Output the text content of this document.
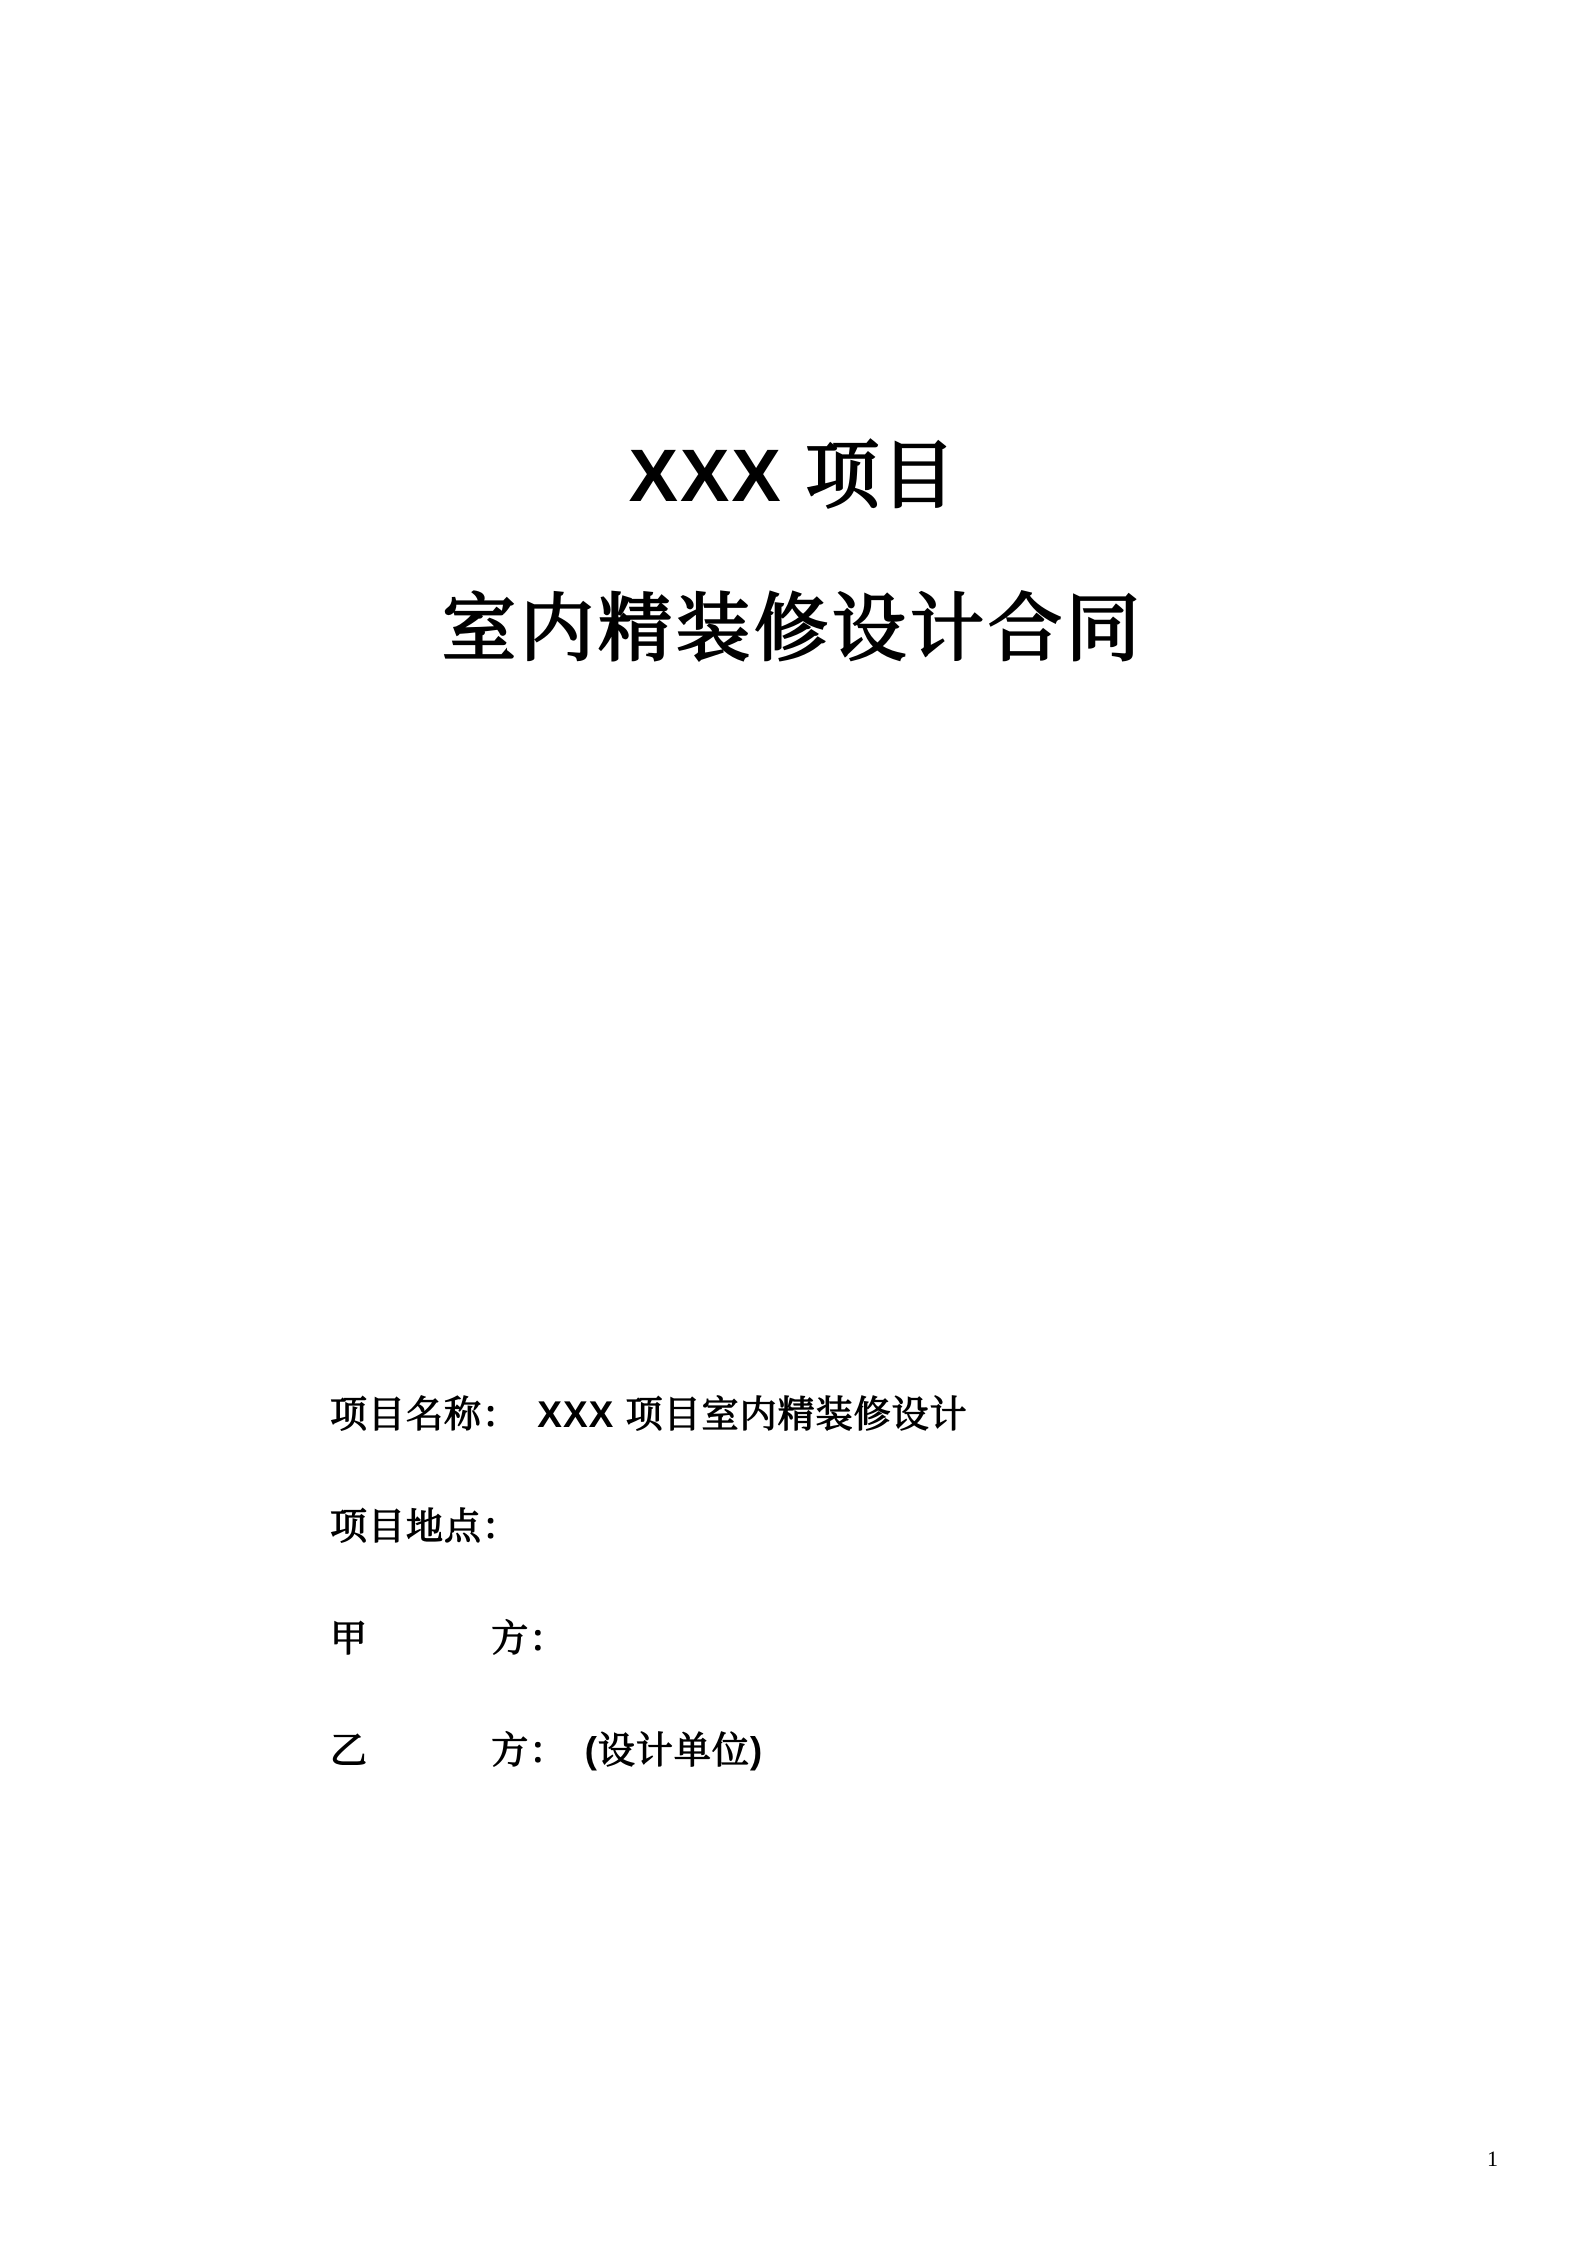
XXX 项目
室内精装修设计合同
项目名称： XXX 项目室内精装修设计
项目地点：
甲	方：
乙	方： (设计单位)
1
